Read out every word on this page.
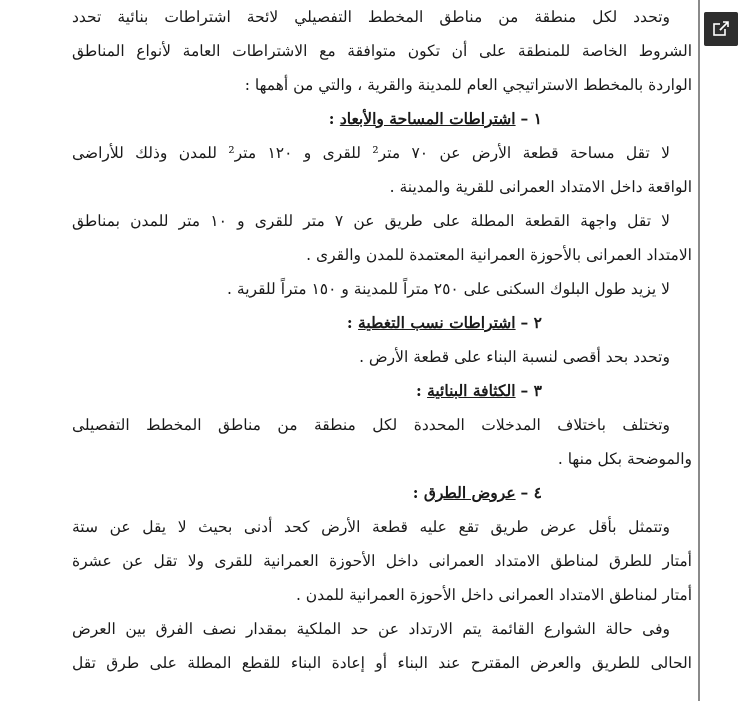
وتحدد لكل منطقة من مناطق المخطط التفصيلي لائحة اشتراطات بنائية تحدد
الشروط الخاصة للمنطقة على أن تكون متوافقة مع الاشتراطات العامة لأنواع المناطق
الواردة بالمخطط الاستراتيجي العام للمدينة والقرية ، والتي من أهمها :
١ – اشتراطات المساحة والأبعاد :
لا تقل مساحة قطعة الأرض عن ٧٠ متر² للقرى و ١٢٠ متر² للمدن وذلك للأراضى
الواقعة داخل الامتداد العمرانى للقرية والمدينة .
لا تقل واجهة القطعة المطلة على طريق عن ٧ متر للقرى و ١٠ متر للمدن بمناطق
الامتداد العمرانى بالأحوزة العمرانية المعتمدة للمدن والقرى .
لا يزيد طول البلوك السكنى على ٢٥٠ متراً للمدينة و ١٥٠ متراً للقرية .
٢ – اشتراطات نسب التغطية :
وتحدد بحد أقصى لنسبة البناء على قطعة الأرض .
٣ – الكثافة البنائية :
وتختلف باختلاف المدخلات المحددة لكل منطقة من مناطق المخطط التفصيلى
والموضحة بكل منها .
٤ – عروض الطرق :
وتتمثل بأقل عرض طريق تقع عليه قطعة الأرض كحد أدنى بحيث لا يقل عن ستة
أمتار للطرق لمناطق الامتداد العمرانى داخل الأحوزة العمرانية للقرى ولا تقل عن عشرة
أمتار لمناطق الامتداد العمرانى داخل الأحوزة العمرانية للمدن .
وفى حالة الشوارع القائمة يتم الارتداد عن حد الملكية بمقدار نصف الفرق بين العرض
الحالى للطريق والعرض المقترح عند البناء أو إعادة البناء للقطع المطلة على طرق تقل
